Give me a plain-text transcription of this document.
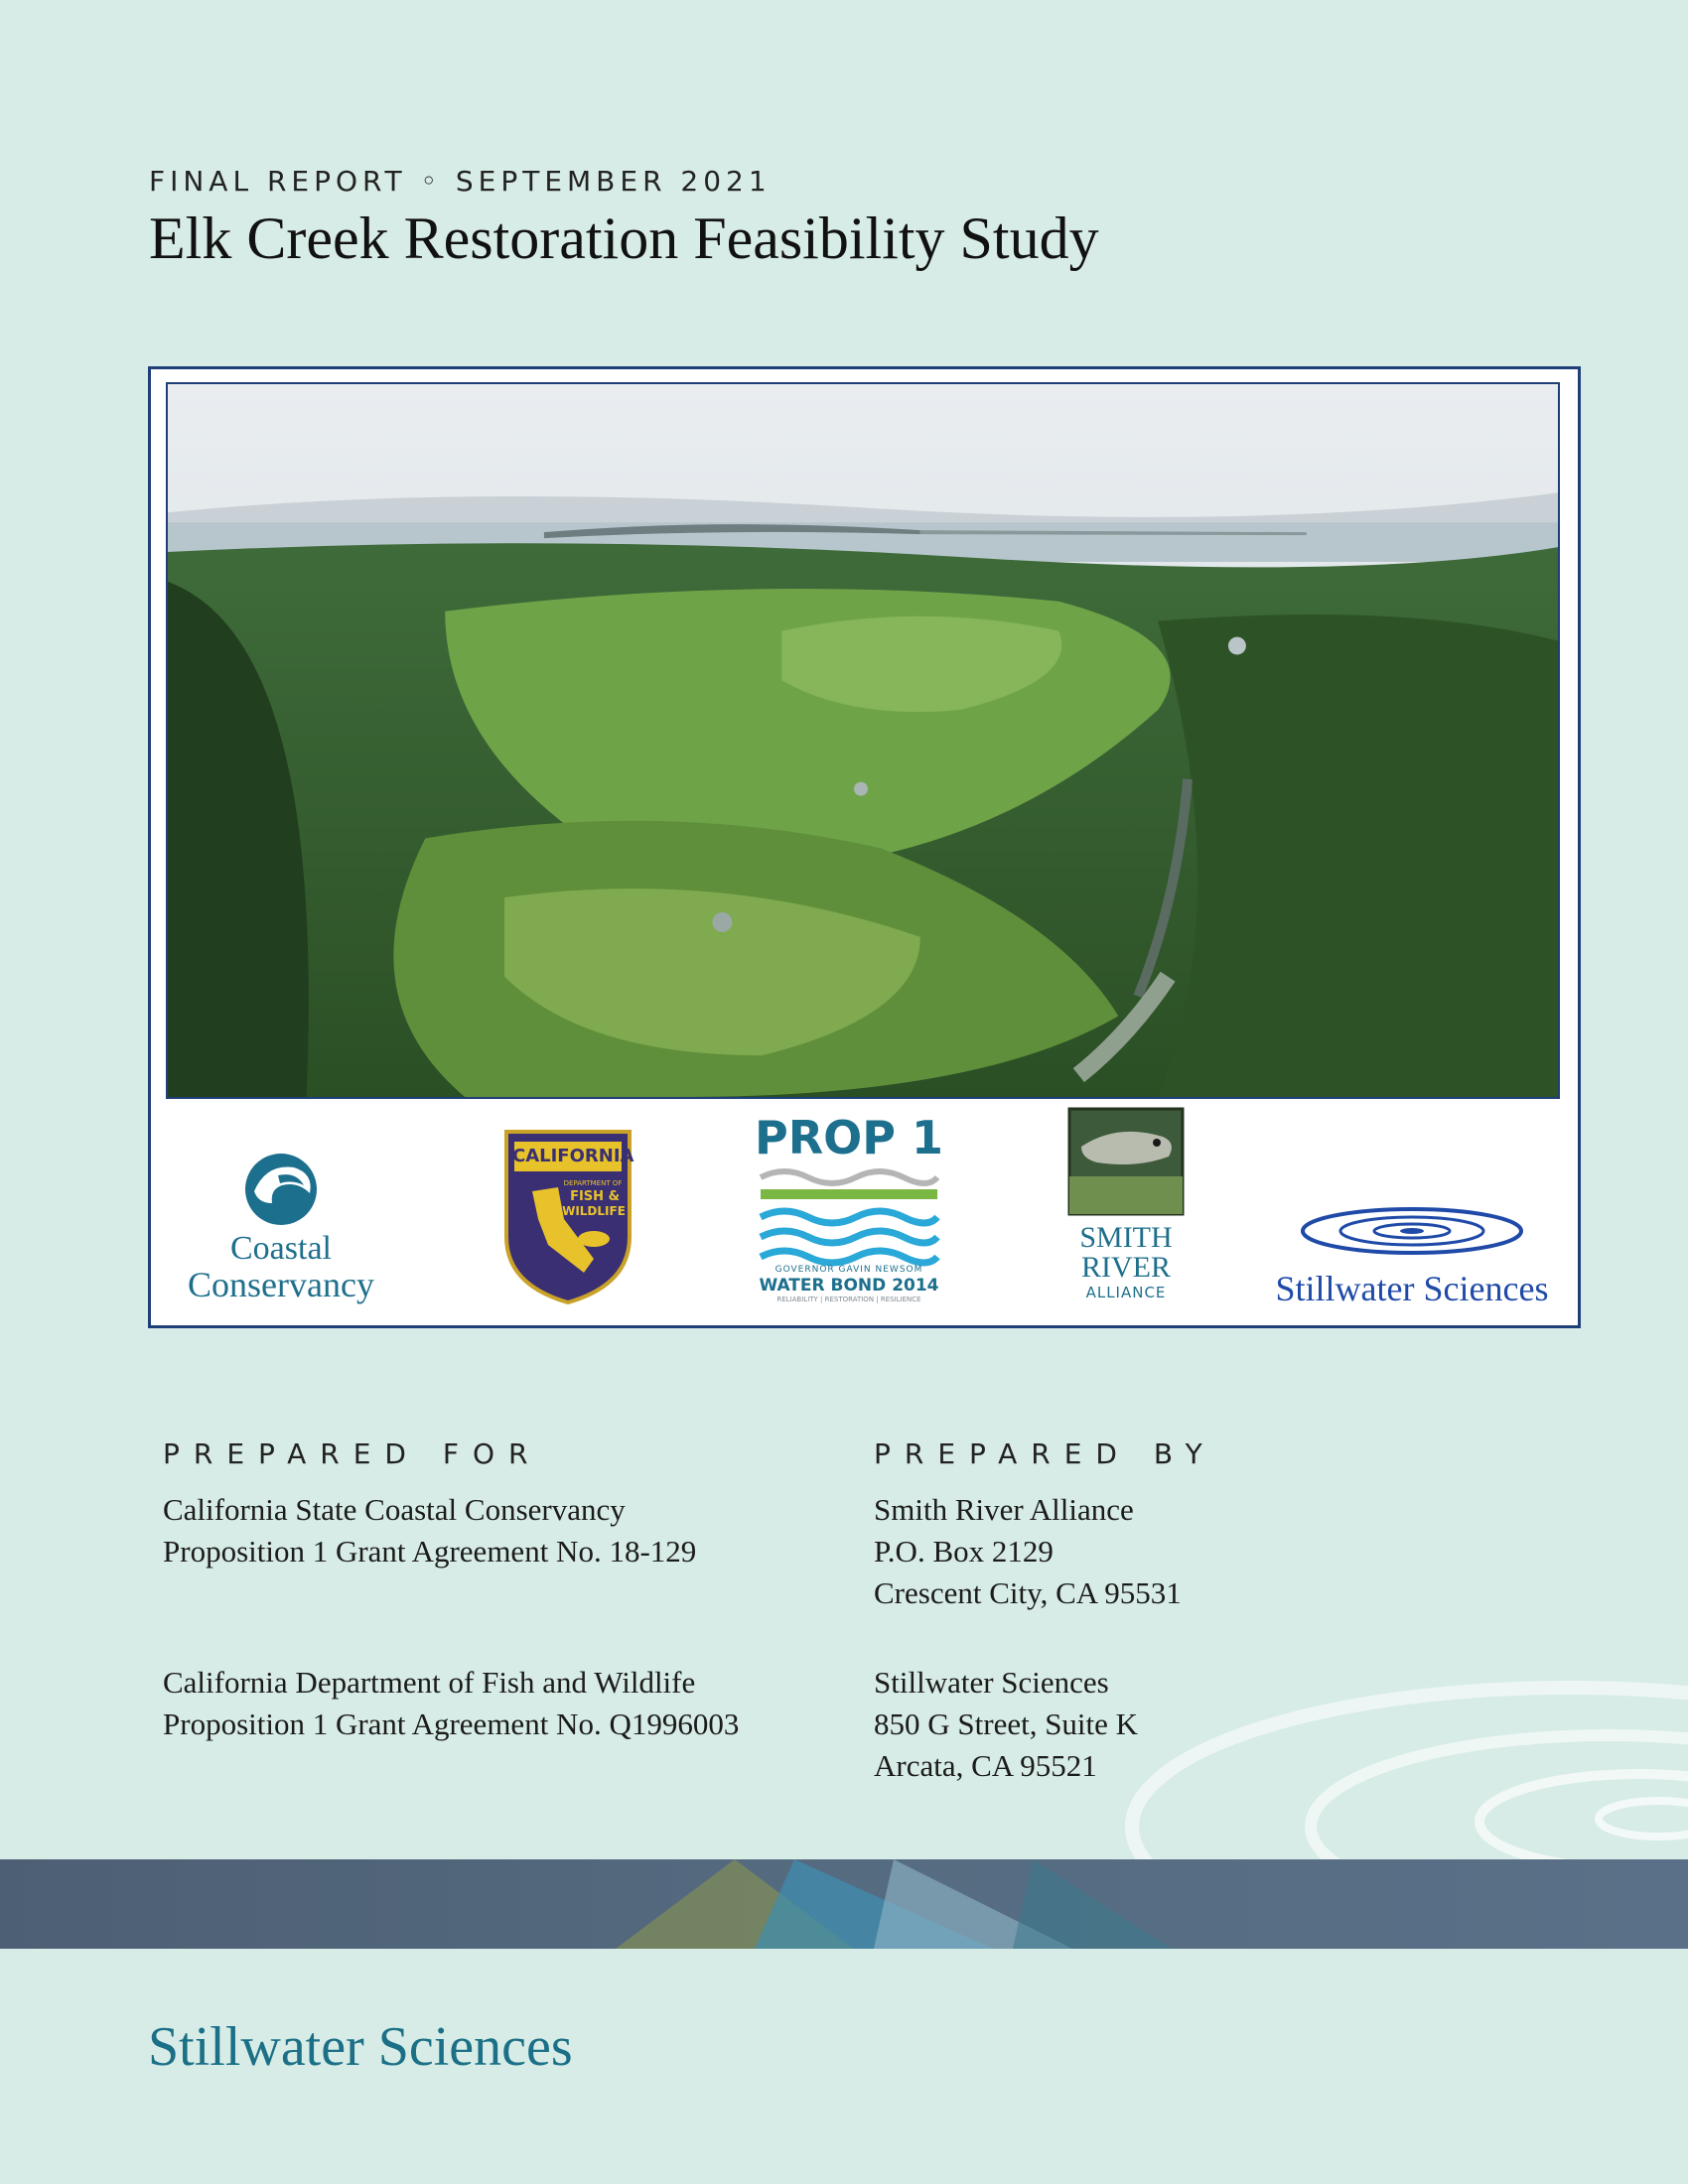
FINAL REPORT ◦ SEPTEMBER 2021
Elk Creek Restoration Feasibility Study
Coastal
Conservancy
CALIFORNIA
DEPARTMENT OF
FISH &
WILDLIFE
PROP 1
GOVERNOR GAVIN NEWSOM
WATER BOND 2014
RELIABILITY | RESTORATION | RESILIENCE
SMITH
RIVER
ALLIANCE	Stillwater Sciences
PREPARED FOR

California State Coastal Conservancy

Proposition 1 Grant Agreement No. 18-129

California Department of Fish and Wildlife

Proposition 1 Grant Agreement No. Q1996003

PREPARED BY

Smith River Alliance

P.O. Box 2129

Crescent City, CA 95531

Stillwater Sciences

850 G Street, Suite K

Arcata, CA 95521

Stillwater Sciences
